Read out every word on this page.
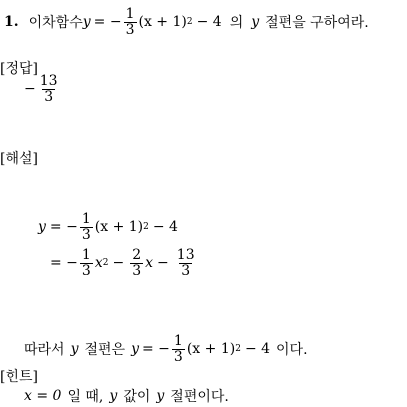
1. 이차함수 y = − $\frac{1}{3} (x + 1) 2 - 4$ 의 y 절편을 구하여라.
[정답]
− $\frac{13}{3}$
[해설]
y = − $\frac{1}{3} (x + 1) 2 - 4$
= − $\frac{1}{3}$ x $2 - \frac{2}{3}$ $x - \frac{13}{3}$
따라서 y 절편은 y = − $\frac{1}{3} (x + 1) 2 - 4$ 이다.
[힌트]
x = 0 일 때, y 값이 y 절편이다.
